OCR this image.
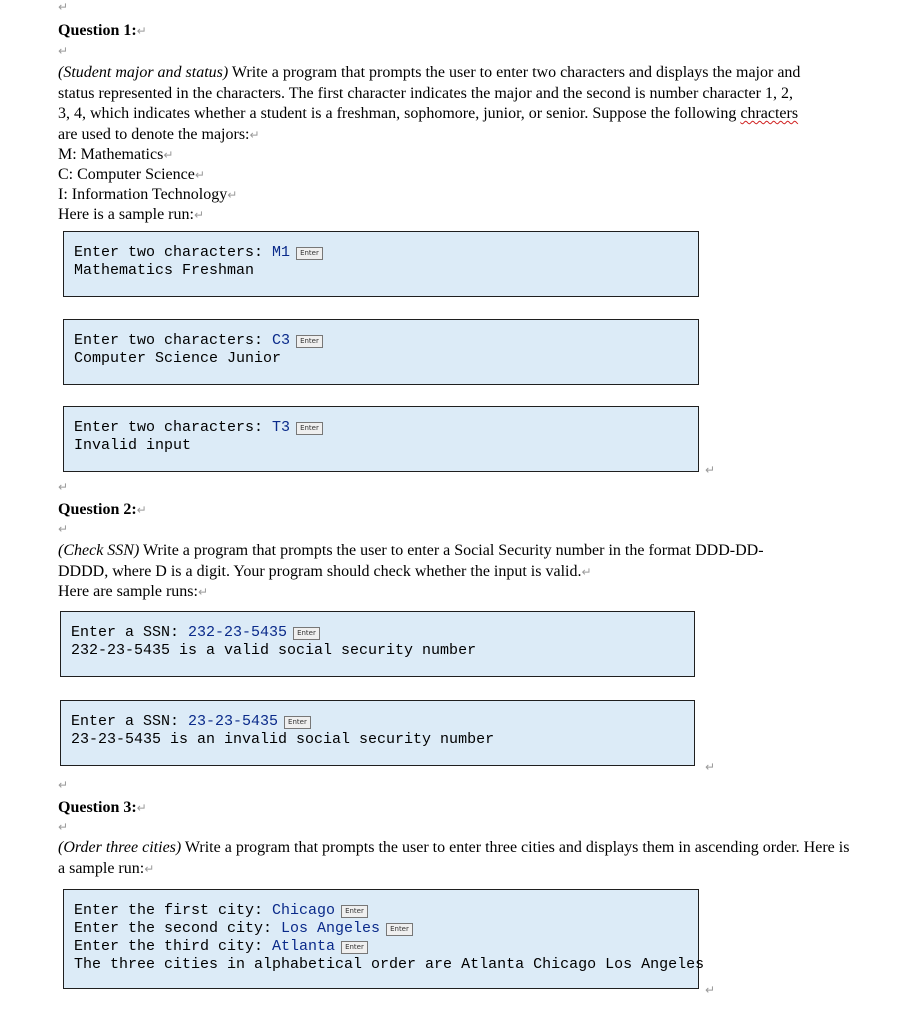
↵
Question 1:↵
↵
(Student major and status) Write a program that prompts the user to enter two characters and displays the major and status represented in the characters. The first character indicates the major and the second is number character 1, 2, 3, 4, which indicates whether a student is a freshman, sophomore, junior, or senior. Suppose the following chracters are used to denote the majors:↵
M: Mathematics↵
C: Computer Science↵
I: Information Technology↵
Here is a sample run:↵
Enter two characters: M1 Enter
Mathematics Freshman
Enter two characters: C3 Enter
Computer Science Junior
Enter two characters: T3 Enter
Invalid input
↵
↵
Question 2:↵
↵
(Check SSN) Write a program that prompts the user to enter a Social Security number in the format DDD-DD-DDDD, where D is a digit. Your program should check whether the input is valid.↵
Here are sample runs:↵
Enter a SSN: 232-23-5435 Enter
232-23-5435 is a valid social security number
Enter a SSN: 23-23-5435 Enter
23-23-5435 is an invalid social security number
↵
↵
Question 3:↵
↵
(Order three cities) Write a program that prompts the user to enter three cities and displays them in ascending order. Here is a sample run:↵
Enter the first city: Chicago Enter
Enter the second city: Los Angeles Enter
Enter the third city: Atlanta Enter
The three cities in alphabetical order are Atlanta Chicago Los Angeles
↵
